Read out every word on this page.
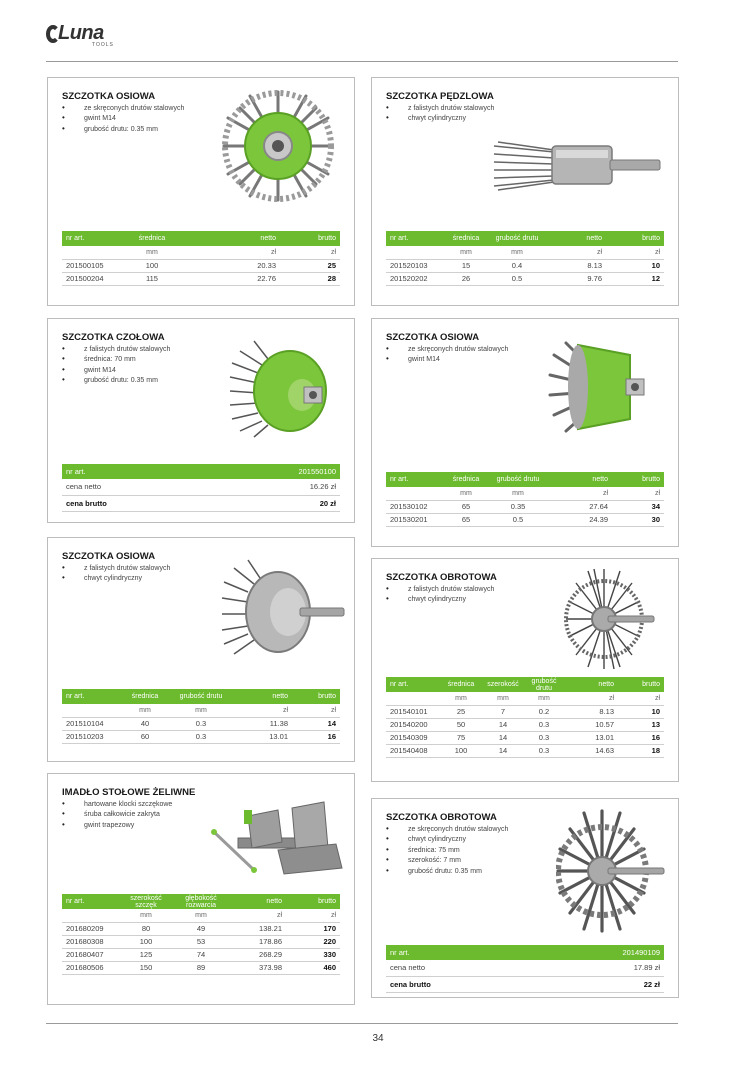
Luna
TOOLS
SZCZOTKA OSIOWA
• ze skręconych drutów stalowych
• gwint M14
• grubość drutu: 0.35 mm
nr art.	średnica	netto	brutto
	mm	zł	zł
201500105	100	20.33	25
201500204	115	22.76	28
SZCZOTKA PĘDZLOWA
• z falistych drutów stalowych
• chwyt cylindryczny
nr art.	średnica	grubość drutu	netto	brutto
	mm	mm	zł	zł
201520103	15	0.4	8.13	10
201520202	26	0.5	9.76	12
SZCZOTKA CZOŁOWA
• z falistych drutów stalowych
• średnica: 70 mm
• gwint M14
• grubość drutu: 0.35 mm
nr art.	201550100
cena netto	16.26 zł
cena brutto	20 zł
SZCZOTKA OSIOWA
• ze skręconych drutów stalowych
• gwint M14
nr art.	średnica	grubość drutu	netto	brutto
	mm	mm	zł	zł
201530102	65	0.35	27.64	34
201530201	65	0.5	24.39	30
SZCZOTKA OSIOWA
• z falistych drutów stalowych
• chwyt cylindryczny
nr art.	średnica	grubość drutu	netto	brutto
	mm	mm	zł	zł
201510104	40	0.3	11.38	14
201510203	60	0.3	13.01	16
SZCZOTKA OBROTOWA
• z falistych drutów stalowych
• chwyt cylindryczny
nr art.	średnica	szerokość	grubość drutu	netto	brutto
	mm	mm	mm	zł	zł
201540101	25	7	0.2	8.13	10
201540200	50	14	0.3	10.57	13
201540309	75	14	0.3	13.01	16
201540408	100	14	0.3	14.63	18
IMADŁO STOŁOWE ŻELIWNE
• hartowane klocki szczękowe
• śruba całkowicie zakryta
• gwint trapezowy
nr art.	szerokość szczęk	głębokość rozwarcia	netto	brutto
	mm	mm	zł	zł
201680209	80	49	138.21	170
201680308	100	53	178.86	220
201680407	125	74	268.29	330
201680506	150	89	373.98	460
SZCZOTKA OBROTOWA
• ze skręconych drutów stalowych
• chwyt cylindryczny
• średnica: 75 mm
• szerokość: 7 mm
• grubość drutu: 0.35 mm
nr art.	201490109
cena netto	17.89 zł
cena brutto	22 zł
34
